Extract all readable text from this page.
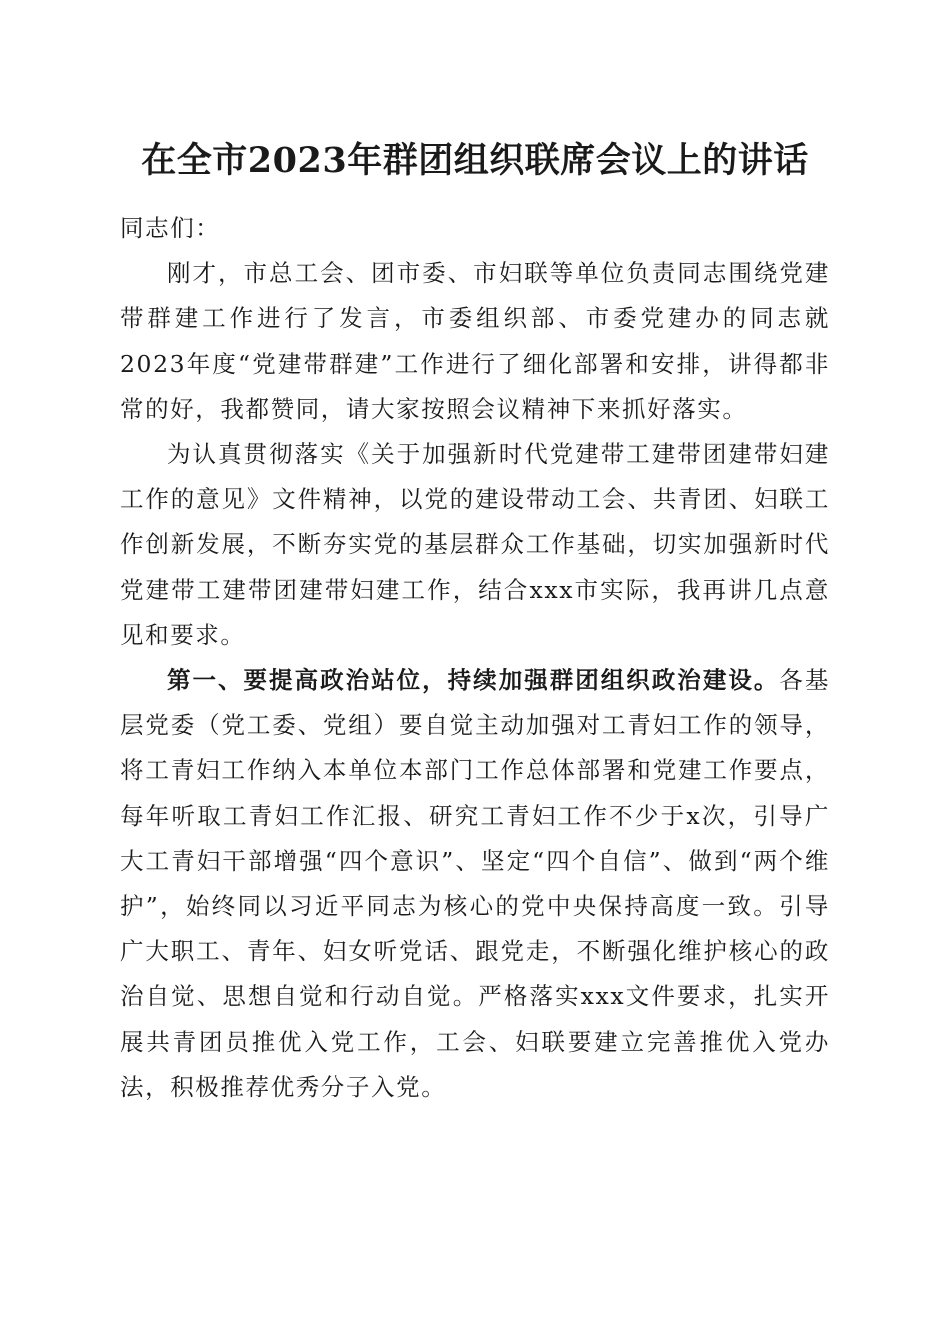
在全市2023年群团组织联席会议上的讲话

同志们：

刚才，市总工会、团市委、市妇联等单位负责同志围绕党建带群建工作进行了发言，市委组织部、市委党建办的同志就2023年度“党建带群建”工作进行了细化部署和安排，讲得都非常的好，我都赞同，请大家按照会议精神下来抓好落实。

为认真贯彻落实《关于加强新时代党建带工建带团建带妇建工作的意见》文件精神，以党的建设带动工会、共青团、妇联工作创新发展，不断夯实党的基层群众工作基础，切实加强新时代党建带工建带团建带妇建工作，结合xxx市实际，我再讲几点意见和要求。

第一、要提高政治站位，持续加强群团组织政治建设。各基层党委（党工委、党组）要自觉主动加强对工青妇工作的领导，将工青妇工作纳入本单位本部门工作总体部署和党建工作要点，每年听取工青妇工作汇报、研究工青妇工作不少于x次，引导广大工青妇干部增强“四个意识”、坚定“四个自信”、做到“两个维护”，始终同以习近平同志为核心的党中央保持高度一致。引导广大职工、青年、妇女听党话、跟党走，不断强化维护核心的政治自觉、思想自觉和行动自觉。严格落实xxx文件要求，扎实开展共青团员推优入党工作，工会、妇联要建立完善推优入党办法，积极推荐优秀分子入党。
